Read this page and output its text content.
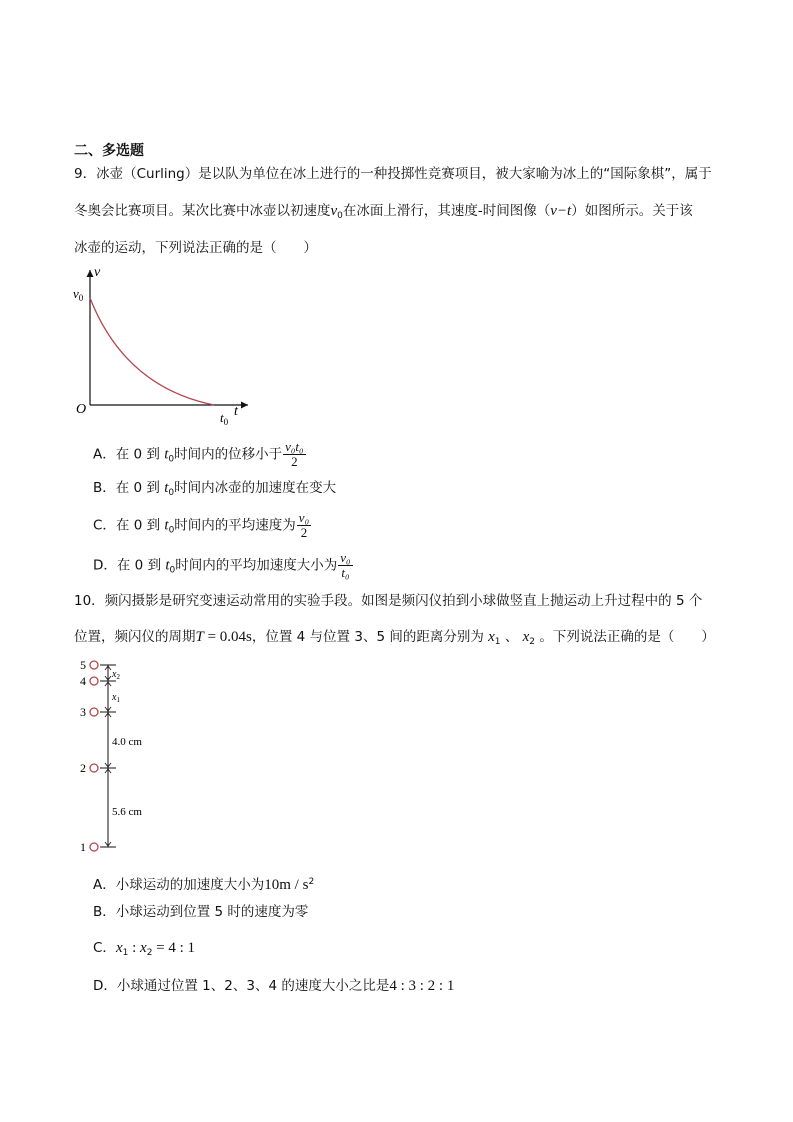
二、多选题
9．冰壶（Curling）是以队为单位在冰上进行的一种投掷性竞赛项目，被大家喻为冰上的“国际象棋”，属于
冬奥会比赛项目。某次比赛中冰壶以初速度$v_0$在冰面上滑行，其速度-时间图像（v−t）如图所示。关于该
冰壶的运动，下列说法正确的是（　　）
v
t
O
$v_0$
$t_0$
A．在 0 到 $t_0$时间内的位移小于 $\frac{\text{v₀t₀}}{2}$
B．在 0 到 $t_0$时间内冰壶的加速度在变大
C．在 0 到 $t_0$时间内的平均速度为 $\frac{\text{v₀}}{2}$
D．在 0 到 $t_0$时间内的平均加速度大小为 $\frac{\text{v₀}}{\text{t₀}}$
10．频闪摄影是研究变速运动常用的实验手段。如图是频闪仪拍到小球做竖直上抛运动上升过程中的 5 个
位置，频闪仪的周期T = 0.04s，位置 4 与位置 3、5 间的距离分别为 $x_1$ 、 $x_2$ 。下列说法正确的是（　　）
5
4
3
2
1
$x_2$
$x_1$
4.0 cm
5.6 cm
A．小球运动的加速度大小为$10m / s^2$
B．小球运动到位置 5 时的速度为零
C．$x_1$ : $x_2 = 4$ : 1
D．小球通过位置 1、2、3、4 的速度大小之比是4 : 3 : 2 : 1
